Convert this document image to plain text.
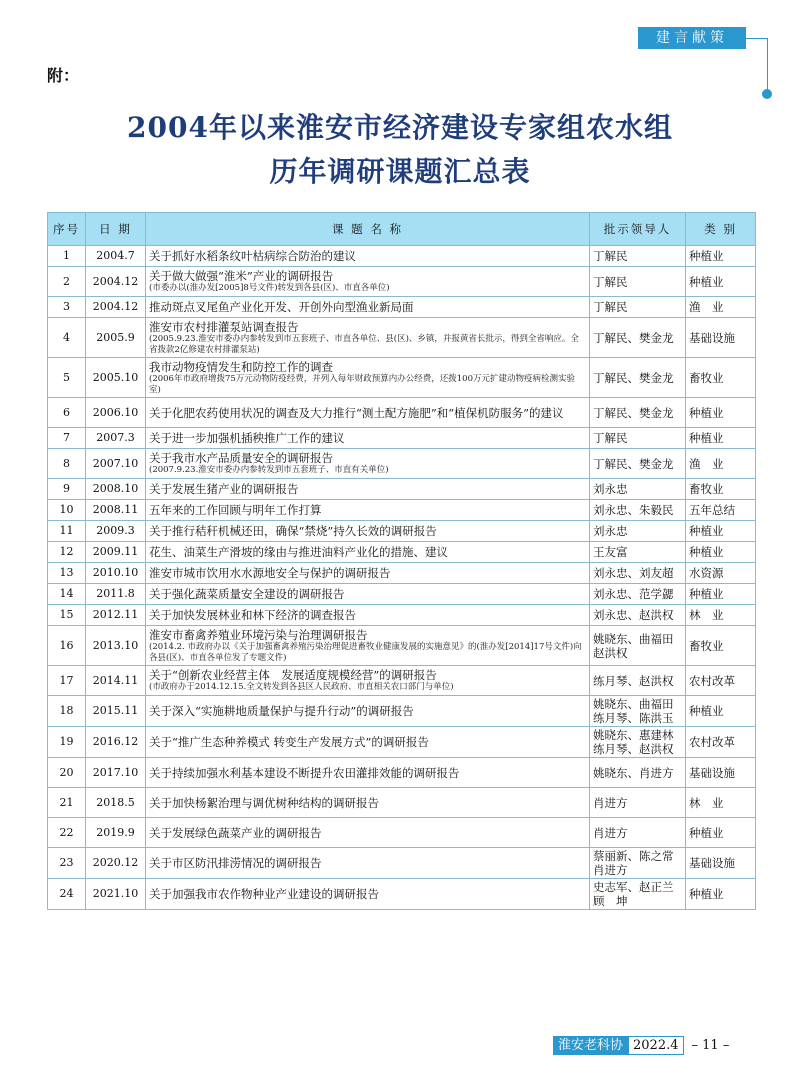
建言献策
附：
2004年以来淮安市经济建设专家组农水组
历年调研课题汇总表
序号	日 期	课 题 名 称	批示领导人	类 别
1	2004.7	关于抓好水稻条纹叶枯病综合防治的建议	丁解民	种植业
2	2004.12	关于做大做强“淮米”产业的调研报告
(市委办以(淮办发[2005]8号文件)转发到各县(区)、市直各单位)	丁解民	种植业
3	2004.12	推动斑点叉尾鱼产业化开发、开创外向型渔业新局面	丁解民	渔　业
4	2005.9	淮安市农村排灌泵站调查报告
(2005.9.23.淮安市委办内参转发到市五套班子、市直各单位、县(区)、乡镇，并报黄省长批示，得到全省响应。全省拨款2亿修建农村排灌泵站)	丁解民、樊金龙	基础设施
5	2005.10	我市动物疫情发生和防控工作的调查
(2006年市政府增拨75万元动物防疫经费，并列入每年财政预算内办公经费，还拨100万元扩建动物疫病检测实验室)	丁解民、樊金龙	畜牧业
6	2006.10	关于化肥农药使用状况的调查及大力推行“测土配方施肥”和“植保机防服务”的建议	丁解民、樊金龙	种植业
7	2007.3	关于进一步加强机插秧推广工作的建议	丁解民	种植业
8	2007.10	关于我市水产品质量安全的调研报告
(2007.9.23.淮安市委办内参转发到市五套班子、市直有关单位)	丁解民、樊金龙	渔　业
9	2008.10	关于发展生猪产业的调研报告	刘永忠	畜牧业
10	2008.11	五年来的工作回顾与明年工作打算	刘永忠、朱毅民	五年总结
11	2009.3	关于推行秸秆机械还田，确保“禁烧”持久长效的调研报告	刘永忠	种植业
12	2009.11	花生、油菜生产滑坡的缘由与推进油料产业化的措施、建议	王友富	种植业
13	2010.10	淮安市城市饮用水水源地安全与保护的调研报告	刘永忠、刘友超	水资源
14	2011.8	关于强化蔬菜质量安全建设的调研报告	刘永忠、范学勰	种植业
15	2012.11	关于加快发展林业和林下经济的调查报告	刘永忠、赵洪权	林　业
16	2013.10	淮安市畜禽养殖业环境污染与治理调研报告
(2014.2. 市政府办以《关于加强畜禽养殖污染治理促进畜牧业健康发展的实施意见》的(淮办发[2014]17号文件)向各县(区)、市直各单位发了专题文件)	姚晓东、曲福田
赵洪权	畜牧业
17	2014.11	关于“创新农业经营主体　发展适度规模经营”的调研报告
(市政府办于2014.12.15.全文转发到各县区人民政府、市直相关农口部门与单位)	练月琴、赵洪权	农村改革
18	2015.11	关于深入“实施耕地质量保护与提升行动”的调研报告	姚晓东、曲福田
练月琴、陈洪玉	种植业
19	2016.12	关于“推广生态种养模式 转变生产发展方式”的调研报告	姚晓东、惠建林
练月琴、赵洪权	农村改革
20	2017.10	关于持续加强水利基本建设不断提升农田灌排效能的调研报告	姚晓东、肖进方	基础设施
21	2018.5	关于加快杨絮治理与调优树种结构的调研报告	肖进方	林　业
22	2019.9	关于发展绿色蔬菜产业的调研报告	肖进方	种植业
23	2020.12	关于市区防汛排涝情况的调研报告	蔡丽新、陈之常
肖进方	基础设施
24	2021.10	关于加强我市农作物种业产业建设的调研报告	史志军、赵正兰
顾　坤	种植业
淮安老科协 2022.4	– 11 –
